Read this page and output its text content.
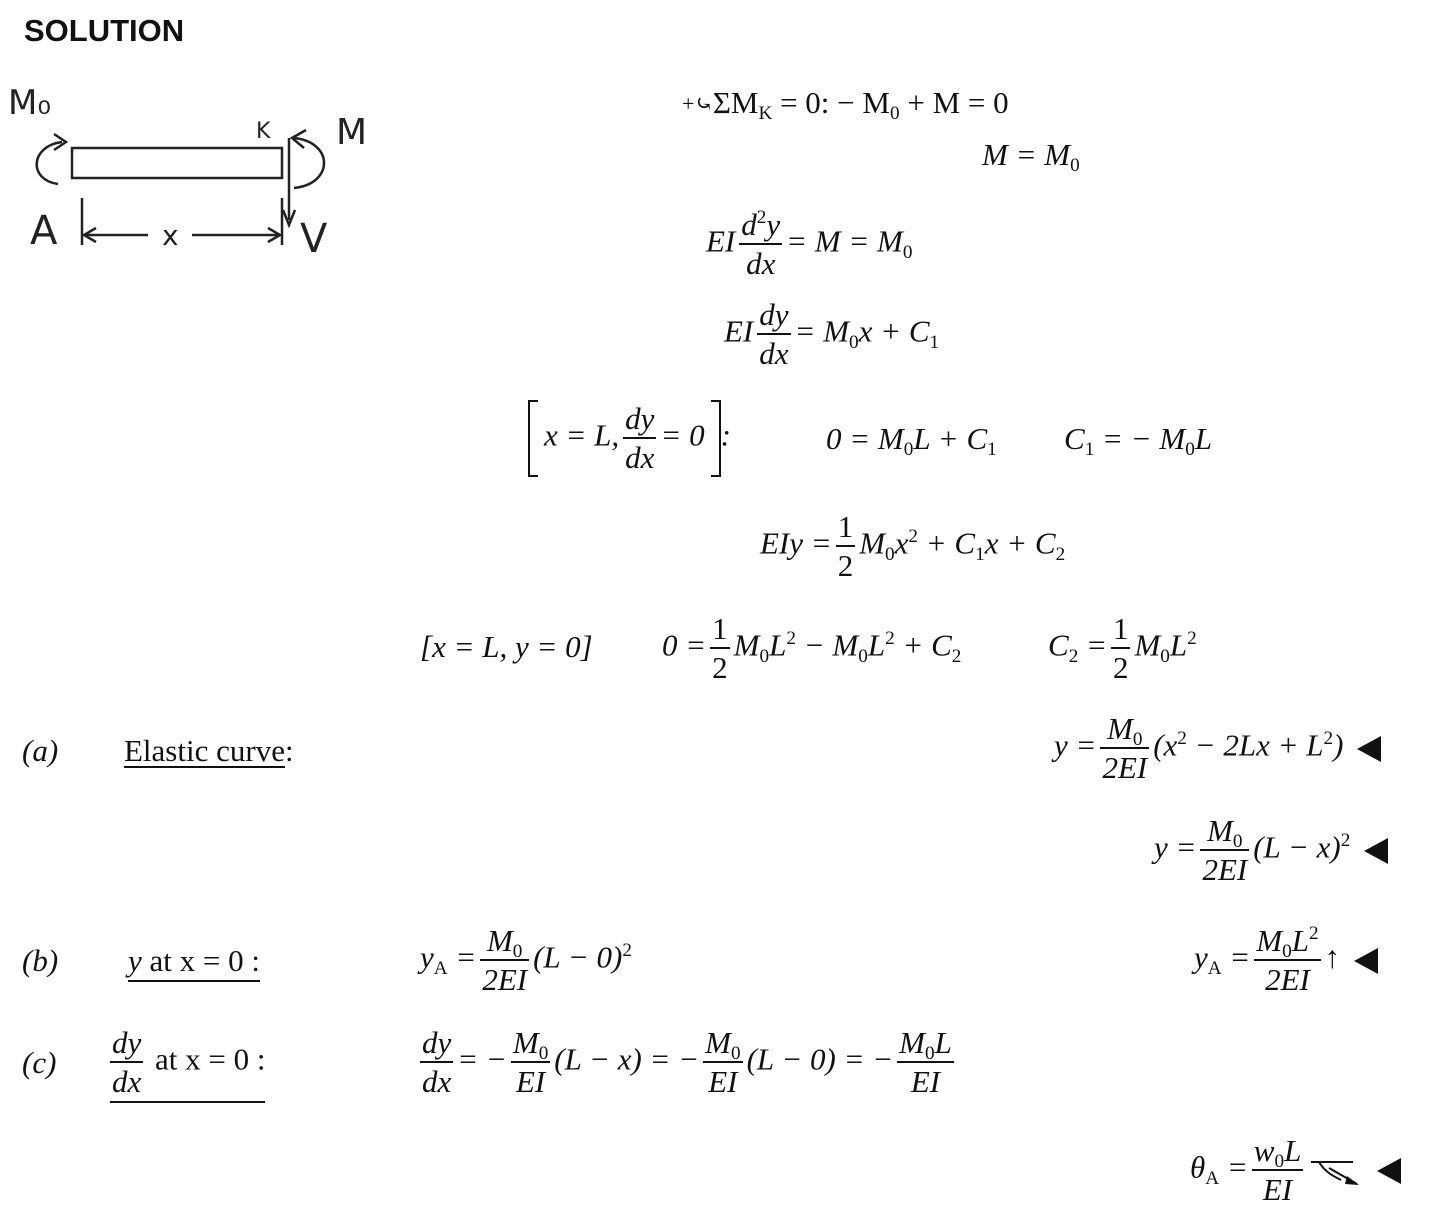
SOLUTION
M₀
K M
A	x	V
$+⤿\Sigma M_K = 0$: − $M_0 + M = 0$
$M = M_0$
EI $\frac{d^2y}{dx} = M = M_0$
EI $\frac{dy}{dx} = M_0x + C_1$
x = L, $\frac{dy}{dx} = 0$ :	$0 = M_0L + C_1$ $C_1$ = − $M_0L$
EIy = $\frac{1}{2} M_0x^2 + C_1x + C_2$
[x = L, y = 0] $0 = \frac{1}{2} M_0L^2 - M_0L^2 + C_2$	$C_2 = \frac{1}{2} M_0L^2$
(a) Elastic curve:	$y = \frac{M_0}{2EI} (x^2 - 2Lx + L^2)$
$y = \frac{M_0}{2EI} (L - x)^2$
(b) y at x = 0 :	$y_A = \frac{M_0}{2EI} (L - 0)^2$	$y_A = \frac{M_0L^2}{2EI}$ ↑
$(c) \frac{dy}{dx}$ at x = 0 :	$\frac{dy}{dx}$ = − $\frac{M_0}{EI} (L - x)$ = − $\frac{M_0}{EI} (L - 0)$ = − $\frac{M_0L}{EI}$
$\theta_A = \frac{w_0L}{EI}$
